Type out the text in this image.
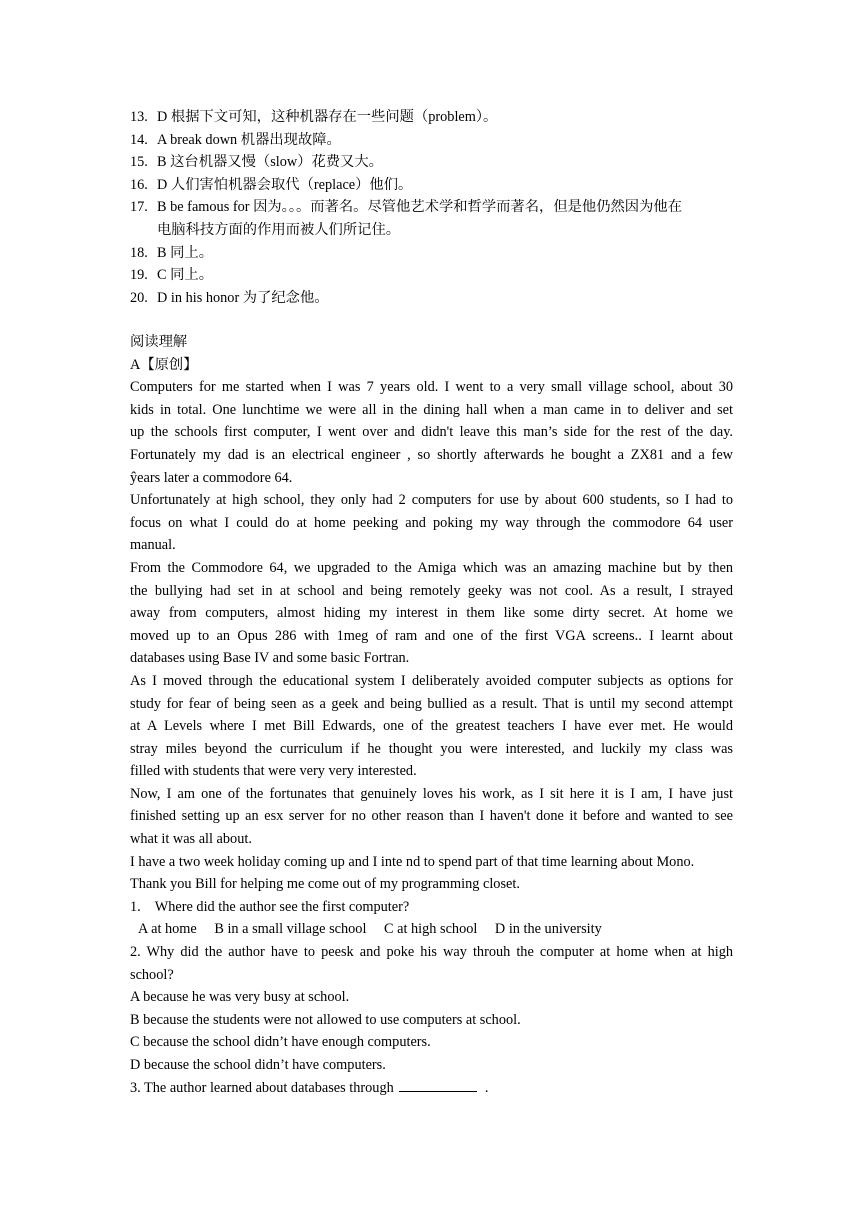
13. D 根据下文可知，这种机器存在一些问题（problem）。
14. A break down 机器出现故障。
15. B 这台机器又慢（slow）花费又大。
16. D 人们害怕机器会取代（replace）他们。
17. B be famous for 因为。。。而著名。尽管他艺术学和哲学而著名，但是他仍然因为他在
电脑科技方面的作用而被人们所记住。
18. B 同上。
19. C 同上。
20. D in his honor 为了纪念他。
阅读理解
A【原创】
Computers for me started when I was 7 years old. I went to a very small village school, about 30
kids in total. One lunchtime we were all in the dining hall when a man came in to deliver and set
up the schools first computer, I went over and didn't leave this man’s side for the rest of the day.
Fortunately my dad is an electrical engineer , so shortly afterwards he bought a ZX81 and a few
ŷears later a commodore 64.
Unfortunately at high school, they only had 2 computers for use by about 600 students, so I had to
focus on what I could do at home peeking and poking my way through the commodore 64 user
manual.
From the Commodore 64, we upgraded to the Amiga which was an amazing machine but by then
the bullying had set in at school and being remotely geeky was not cool. As a result, I strayed
away from computers, almost hiding my interest in them like some dirty secret. At home we
moved up to an Opus 286 with 1meg of ram and one of the first VGA screens.. I learnt about
databases using Base IV and some basic Fortran.
As I moved through the educational system I deliberately avoided computer subjects as options for
study for fear of being seen as a geek and being bullied as a result. That is until my second attempt
at A Levels where I met Bill Edwards, one of the greatest teachers I have ever met. He would
stray miles beyond the curriculum if he thought you were interested, and luckily my class was
filled with students that were very very interested.
Now, I am one of the fortunates that genuinely loves his work, as I sit here it is I am, I have just
finished setting up an esx server for no other reason than I haven't done it before and wanted to see
what it was all about.
I have a two week holiday coming up and I inte nd to spend part of that time learning about Mono.
Thank you Bill for helping me come out of my programming closet.
1.    Where did the author see the first computer?
A at home B in a small village school C at high school D in the university
2. Why did the author have to peesk and poke his way throuh the computer at home when at high
school?
A because he was very busy at school.
B because the students were not allowed to use computers at school.
C because the school didn’t have enough computers.
D because the school didn’t have computers.
3. The author learned about databases through	.
